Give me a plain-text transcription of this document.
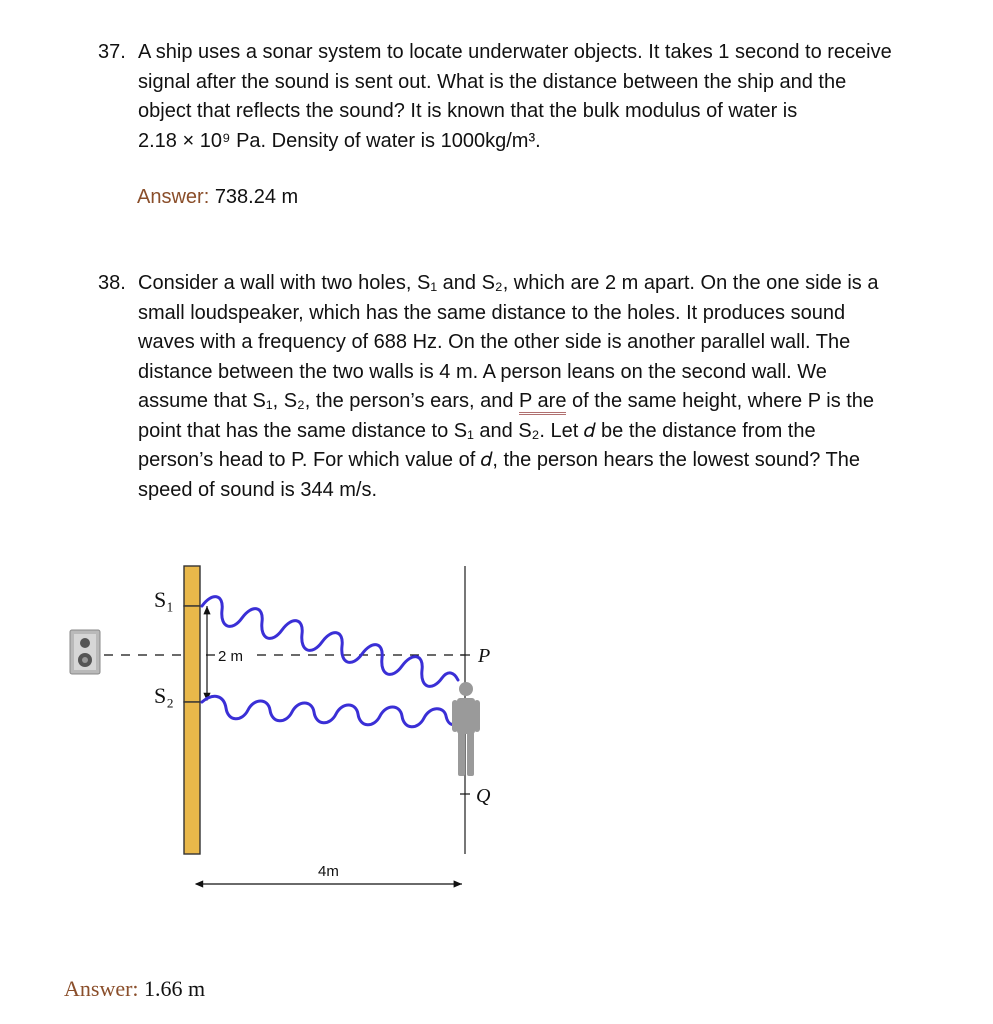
37. A ship uses a sonar system to locate underwater objects. It takes 1 second to receive
signal after the sound is sent out. What is the distance between the ship and the
object that reflects the sound? It is known that the bulk modulus of water is
2.18 × 10⁹ Pa. Density of water is 1000kg/m³.
Answer: 738.24 m
38. Consider a wall with two holes, S₁ and S₂, which are 2 m apart. On the one side is a
small loudspeaker, which has the same distance to the holes. It produces sound
waves with a frequency of 688 Hz. On the other side is another parallel wall. The
distance between the two walls is 4 m. A person leans on the second wall. We
assume that S₁, S₂, the person’s ears, and P are of the same height, where P is the
point that has the same distance to S₁ and S₂. Let 𝑑 be the distance from the
person’s head to P. For which value of 𝑑, the person hears the lowest sound? The
speed of sound is 344 m/s.
2 m
S₁
S₂
P
Q
4m
Answer: 1.66 m
